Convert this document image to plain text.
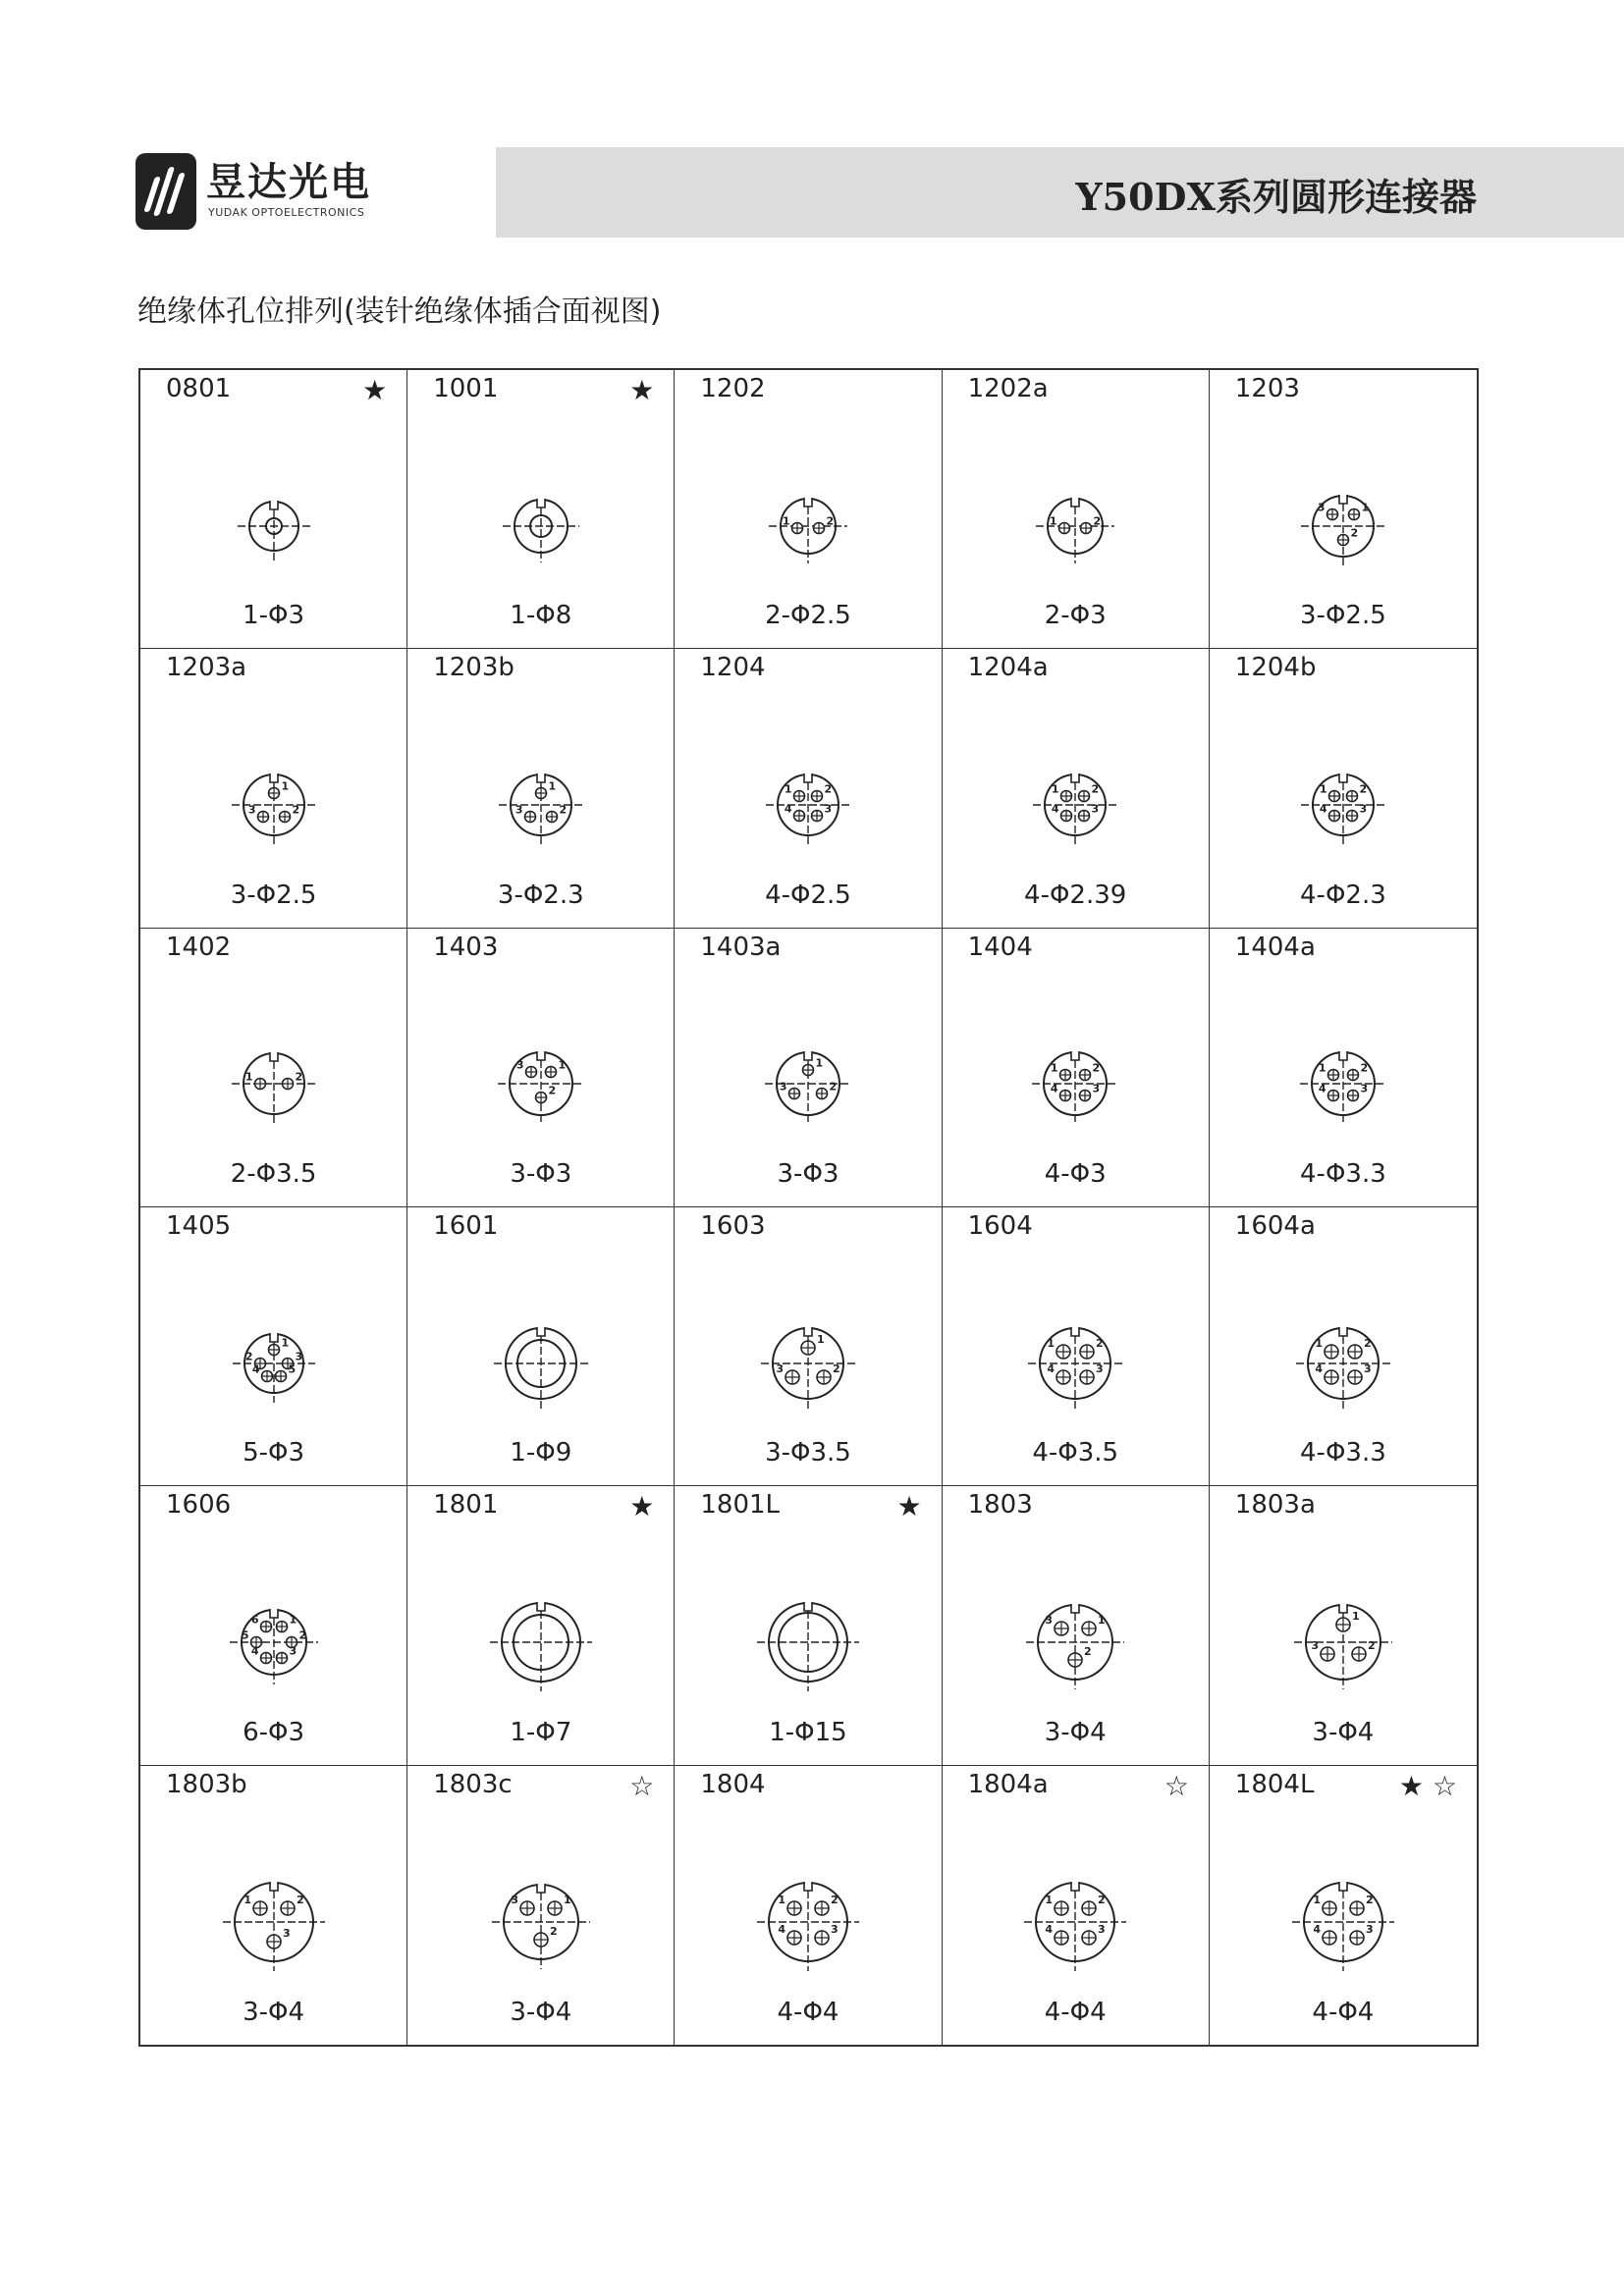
昱达光电
YUDAK OPTOELECTRONICS	Y50DX系列圆形连接器
绝缘体孔位排列(装针绝缘体插合面视图)
0801	★
1-Φ3
1001	★
1-Φ8
1202
1	2
2-Φ2.5
1202a
1	2
2-Φ3
1203
3	1
2
3-Φ2.5
1203a
1
3	2
3-Φ2.5
1203b
1
3	2
3-Φ2.3
1204
1	2
4	3
4-Φ2.5
1204a
1	2
4	3
4-Φ2.39
1204b
1	2
4	3
4-Φ2.3
1402
1	2
2-Φ3.5
1403
3	1
2
3-Φ3
1403a
1
3	2
3-Φ3
1404
1	2
4	3
4-Φ3
1404a
1	2
4	3
4-Φ3.3
1405
1
2	3
4	5
5-Φ3
1601
1-Φ9
1603
1
3	2
3-Φ3.5
1604
1	2
4	3
4-Φ3.5
1604a
1	2
4	3
4-Φ3.3
1606
6	1
5	2
4	3
6-Φ3
1801	★
1-Φ7
1801L	★
1-Φ15
1803
3	1
2
3-Φ4
1803a
1
3	2
3-Φ4
1803b
1	2
3
3-Φ4
1803c	☆
3	1
2
3-Φ4
1804
1	2
4	3
4-Φ4
1804a	☆
1	2
4	3
4-Φ4
1804L	★ ☆
1	2
4	3
4-Φ4
